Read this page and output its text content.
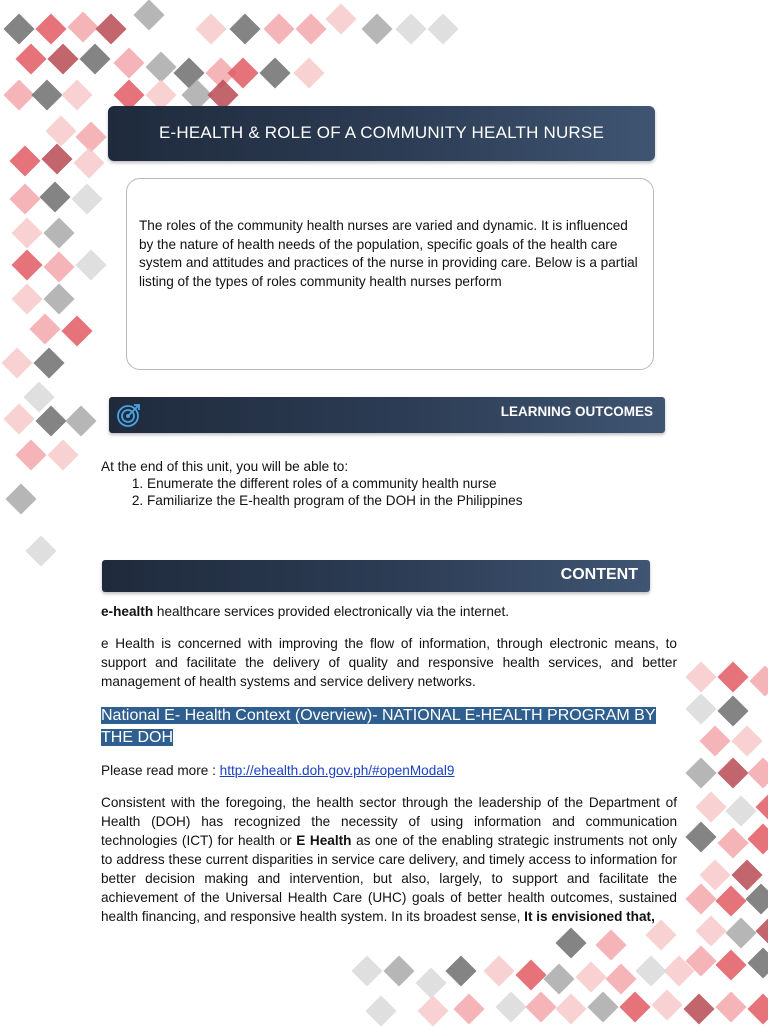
E-HEALTH & ROLE OF A COMMUNITY HEALTH NURSE

The roles of the community health nurses are varied and dynamic. It is influenced by the nature of health needs of the population, specific goals of the health care system and attitudes and practices of the nurse in providing care. Below is a partial listing of the types of roles community health nurses perform

LEARNING OUTCOMES

At the end of this unit, you will be able to:

1. Enumerate the different roles of a community health nurse
2. Familiarize the E-health program of the DOH in the Philippines
CONTENT
e-health healthcare services provided electronically via the internet.

e Health is concerned with improving the flow of information, through electronic means, to support and facilitate the delivery of quality and responsive health services, and better management of health systems and service delivery networks.

National E- Health Context (Overview)- NATIONAL E-HEALTH PROGRAM BY THE DOH
Please read more : http://ehealth.doh.gov.ph/#openModal9

Consistent with the foregoing, the health sector through the leadership of the Department of Health (DOH) has recognized the necessity of using information and communication technologies (ICT) for health or E Health as one of the enabling strategic instruments not only to address these current disparities in service care delivery, and timely access to information for better decision making and intervention, but also, largely, to support and facilitate the achievement of the Universal Health Care (UHC) goals of better health outcomes, sustained health financing, and responsive health system. In its broadest sense, It is envisioned that,
